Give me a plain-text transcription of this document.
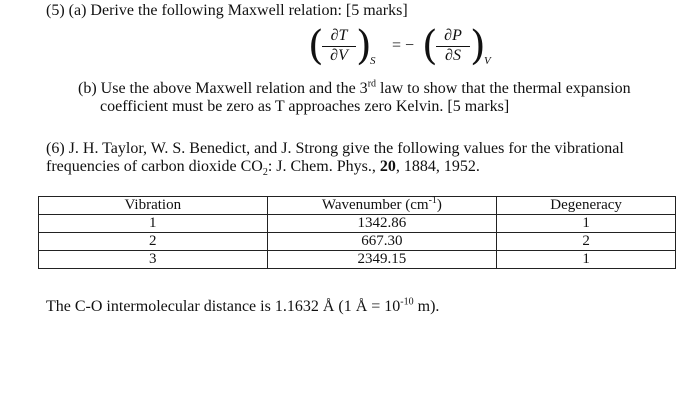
(5) (a) Derive the following Maxwell relation: [5 marks]
( ∂T
∂V )
S
= − ( ∂P
∂S )
V
(b) Use the above Maxwell relation and the 3rd law to show that the thermal expansion
coefficient must be zero as T approaches zero Kelvin. [5 marks]
(6) J. H. Taylor, W. S. Benedict, and J. Strong give the following values for the vibrational
frequencies of carbon dioxide $CO_2$: J. Chem. Phys., 20, 1884, 1952.
Vibration	Wavenumber $(cm^{-1})$	Degeneracy
1	1342.86	1
2	667.30	2
3	2349.15	1
The C-O intermolecular distance is 1.1632 Å (1 Å = $10^{-10}$ m).
